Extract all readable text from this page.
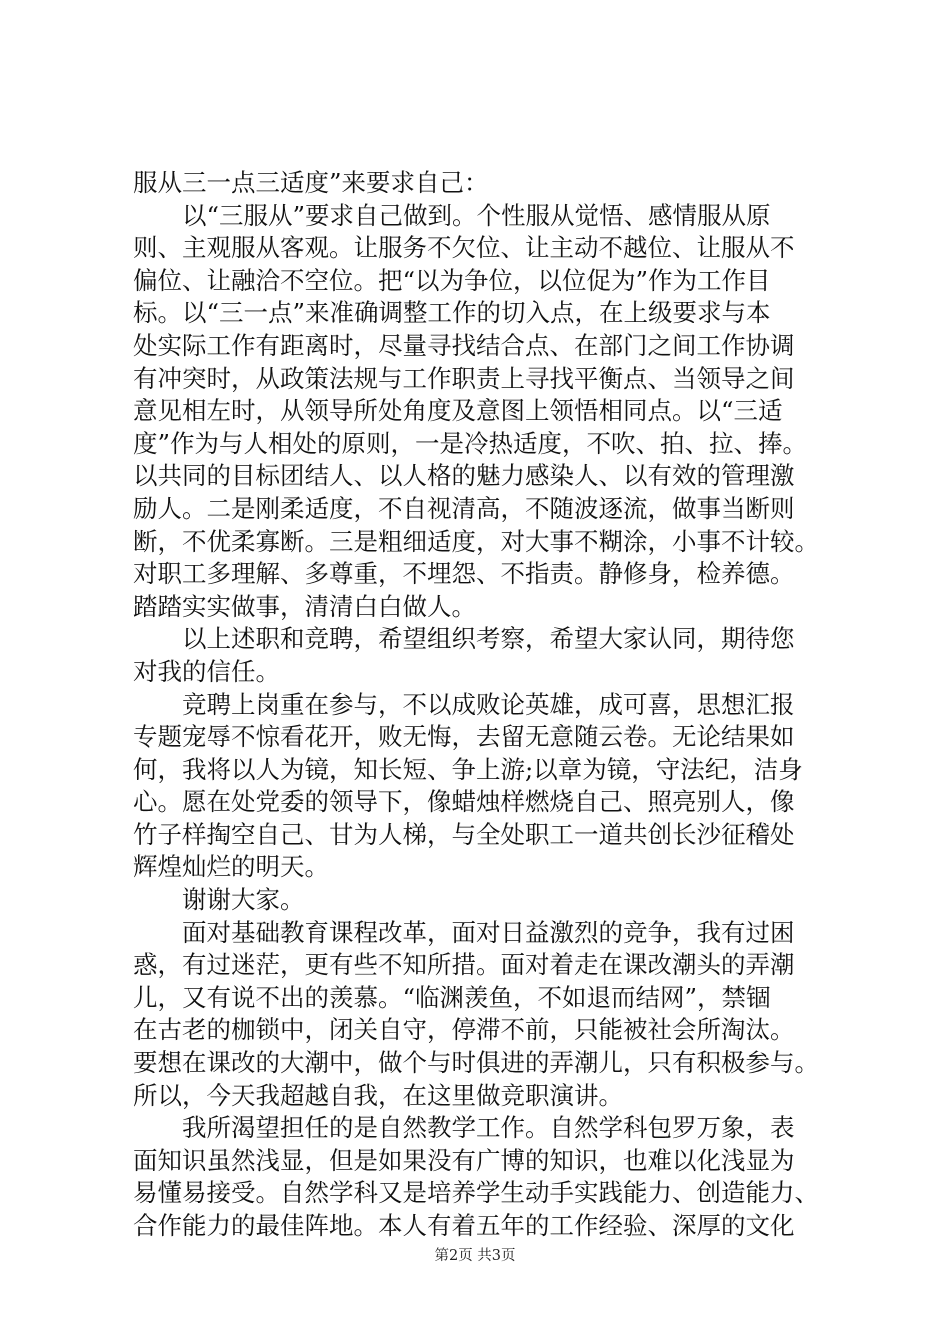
服从三一点三适度”来要求自己：
以“三服从”要求自己做到。个性服从觉悟、感情服从原
则、主观服从客观。让服务不欠位、让主动不越位、让服从不
偏位、让融洽不空位。把“以为争位，以位促为”作为工作目
标。以“三一点”来准确调整工作的切入点，在上级要求与本
处实际工作有距离时，尽量寻找结合点、在部门之间工作协调
有冲突时，从政策法规与工作职责上寻找平衡点、当领导之间
意见相左时，从领导所处角度及意图上领悟相同点。以“三适
度”作为与人相处的原则，一是冷热适度，不吹、拍、拉、捧。
以共同的目标团结人、以人格的魅力感染人、以有效的管理激
励人。二是刚柔适度，不自视清高，不随波逐流，做事当断则
断，不优柔寡断。三是粗细适度，对大事不糊涂，小事不计较。
对职工多理解、多尊重，不埋怨、不指责。静修身，检养德。
踏踏实实做事，清清白白做人。
以上述职和竞聘，希望组织考察，希望大家认同，期待您
对我的信任。
竞聘上岗重在参与，不以成败论英雄，成可喜，思想汇报
专题宠辱不惊看花开，败无悔，去留无意随云卷。无论结果如
何，我将以人为镜，知长短、争上游;以章为镜，守法纪，洁身
心。愿在处党委的领导下，像蜡烛样燃烧自己、照亮别人，像
竹子样掏空自己、甘为人梯，与全处职工一道共创长沙征稽处
辉煌灿烂的明天。
谢谢大家。
面对基础教育课程改革，面对日益激烈的竞争，我有过困
惑，有过迷茫，更有些不知所措。面对着走在课改潮头的弄潮
儿，又有说不出的羡慕。“临渊羡鱼，不如退而结网”，禁锢
在古老的枷锁中，闭关自守，停滞不前，只能被社会所淘汰。
要想在课改的大潮中，做个与时俱进的弄潮儿，只有积极参与。
所以，今天我超越自我，在这里做竞职演讲。
我所渴望担任的是自然教学工作。自然学科包罗万象，表
面知识虽然浅显，但是如果没有广博的知识，也难以化浅显为
易懂易接受。自然学科又是培养学生动手实践能力、创造能力、
合作能力的最佳阵地。本人有着五年的工作经验、深厚的文化
第2页 共3页
